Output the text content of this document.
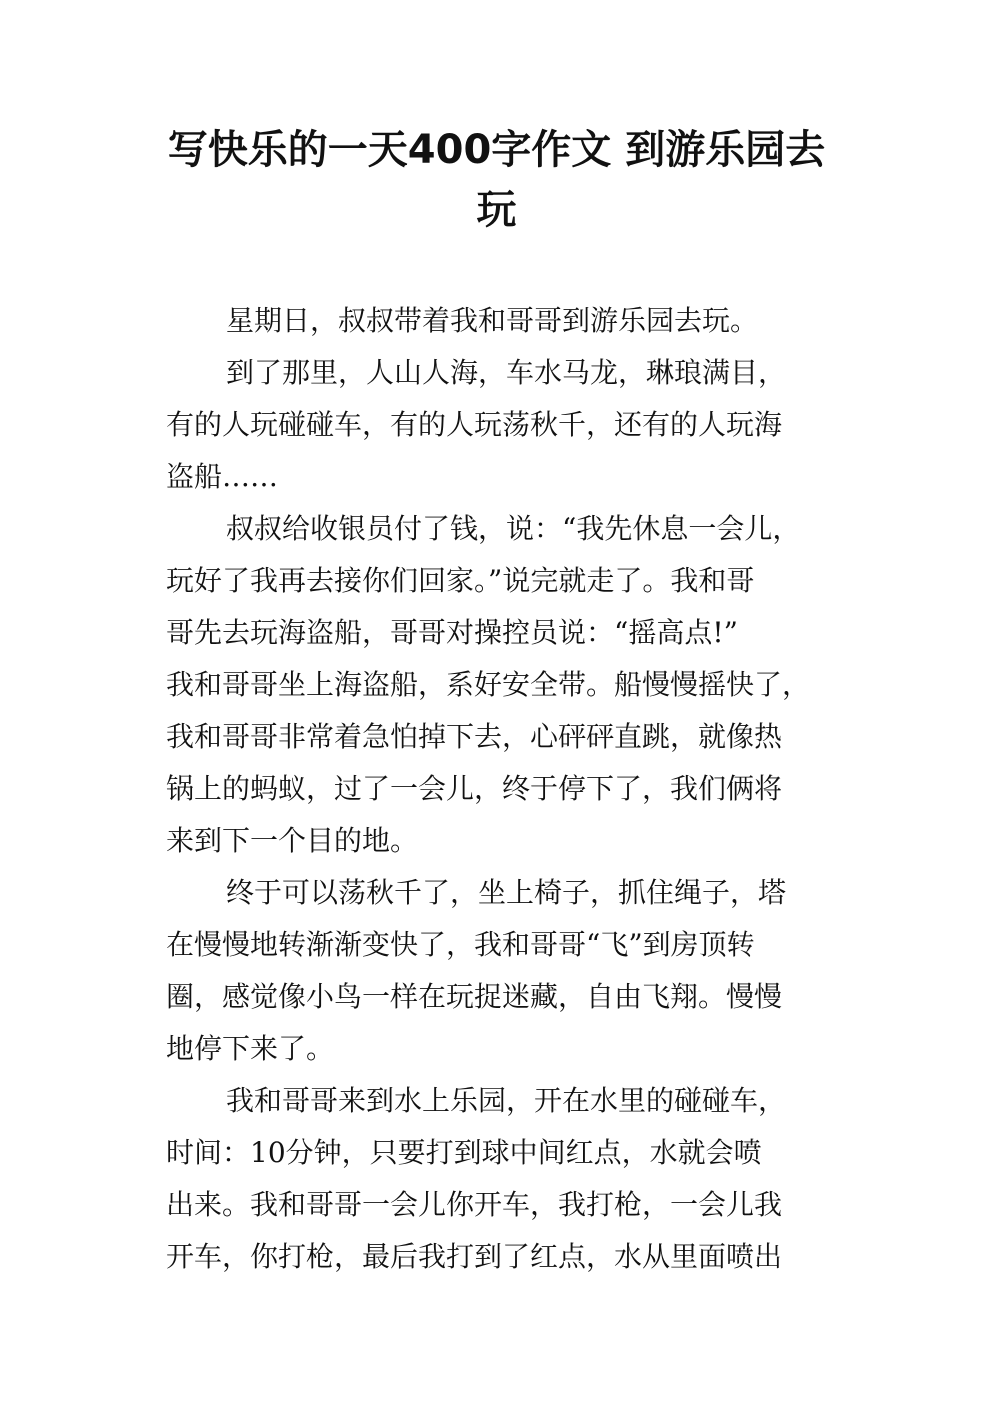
写快乐的一天400字作文 到游乐园去
玩
星期日，叔叔带着我和哥哥到游乐园去玩。
到了那里，人山人海，车水马龙，琳琅满目，
有的人玩碰碰车，有的人玩荡秋千，还有的人玩海
盗船……
叔叔给收银员付了钱，说：“我先休息一会儿，
玩好了我再去接你们回家。”说完就走了。我和哥
哥先去玩海盗船，哥哥对操控员说：“摇高点!”
我和哥哥坐上海盗船，系好安全带。船慢慢摇快了，
我和哥哥非常着急怕掉下去，心砰砰直跳，就像热
锅上的蚂蚁，过了一会儿，终于停下了，我们俩将
来到下一个目的地。
终于可以荡秋千了，坐上椅子，抓住绳子，塔
在慢慢地转渐渐变快了，我和哥哥“飞”到房顶转
圈，感觉像小鸟一样在玩捉迷藏，自由飞翔。慢慢
地停下来了。
我和哥哥来到水上乐园，开在水里的碰碰车，
时间：10分钟，只要打到球中间红点，水就会喷
出来。我和哥哥一会儿你开车，我打枪，一会儿我
开车，你打枪，最后我打到了红点，水从里面喷出
